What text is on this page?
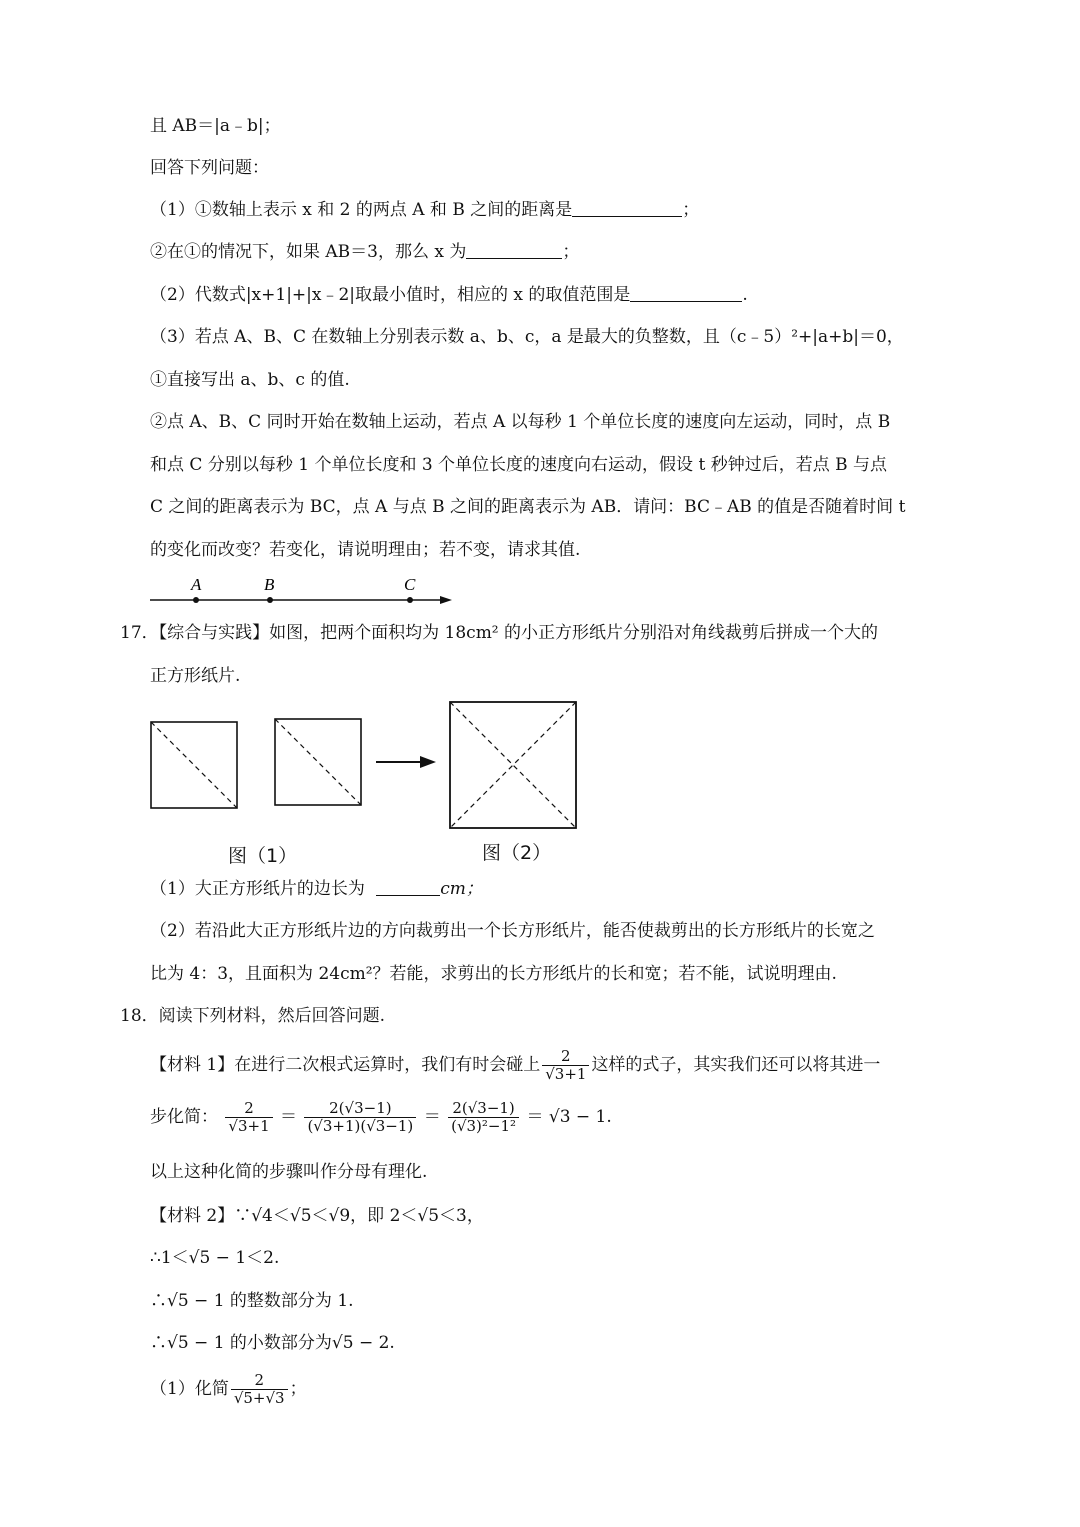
且 AB＝|a﹣b|；
回答下列问题：
（1）①数轴上表示 x 和 2 的两点 A 和 B 之间的距离是	；
②在①的情况下，如果 AB＝3，那么 x 为	；
（2）代数式|x+1|+|x﹣2|取最小值时，相应的 x 的取值范围是	.
（3）若点 A、B、C 在数轴上分别表示数 a、b、c，a 是最大的负整数，且（c﹣5）²+|a+b|＝0，
①直接写出 a、b、c 的值.
②点 A、B、C 同时开始在数轴上运动，若点 A 以每秒 1 个单位长度的速度向左运动，同时，点 B
和点 C 分别以每秒 1 个单位长度和 3 个单位长度的速度向右运动，假设 t 秒钟过后，若点 B 与点
C 之间的距离表示为 BC，点 A 与点 B 之间的距离表示为 AB．请问：BC﹣AB 的值是否随着时间 t
的变化而改变？若变化，请说明理由；若不变，请求其值.
A	B	C
17．【综合与实践】如图，把两个面积均为 18cm² 的小正方形纸片分别沿对角线裁剪后拼成一个大的
正方形纸片.
图（1）	图（2）
（1）大正方形纸片的边长为	cm；
（2）若沿此大正方形纸片边的方向裁剪出一个长方形纸片，能否使裁剪出的长方形纸片的长宽之
比为 4：3，且面积为 24cm²？若能，求剪出的长方形纸片的长和宽；若不能，试说明理由.
18．阅读下列材料，然后回答问题.
【材料 1】在进行二次根式运算时，我们有时会碰上 $\frac{2}{√3+1}$ 这样的式子，其实我们还可以将其进一
步化简： $\frac{2}{√3+1} = \frac{2(√3-1)}{(√3+1)(√3-1)} = \frac{2(√3-1)}{\text{(√3)²−1²}} = √3 - 1$.
以上这种化简的步骤叫作分母有理化.
【材料 2】∵√4＜√5＜√9，即 2＜√5＜3，
∴1＜√5 − 1＜2.
∴√5 − 1 的整数部分为 1.
∴√5 − 1 的小数部分为√5 − 2.
（1）化简 $\frac{2}{√5+√3}$ ；
